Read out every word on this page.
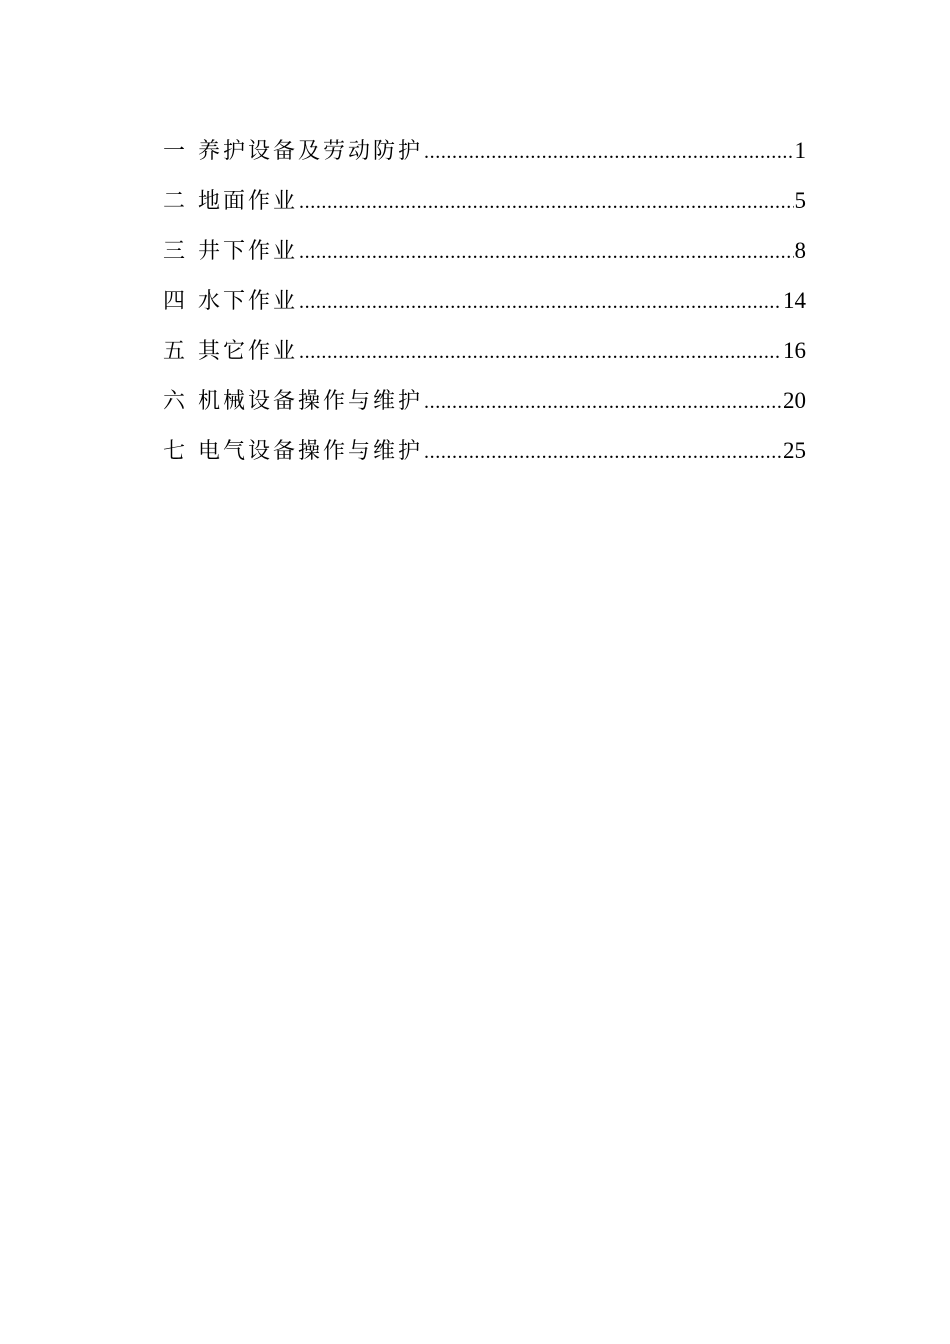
一 养护设备及劳动防护 .....	1
二 地面作业 .....	5
三 井下作业 .....	8
四 水下作业 .....	14
五 其它作业 .....	16
六 机械设备操作与维护 .....	20
七 电气设备操作与维护 .....	25
